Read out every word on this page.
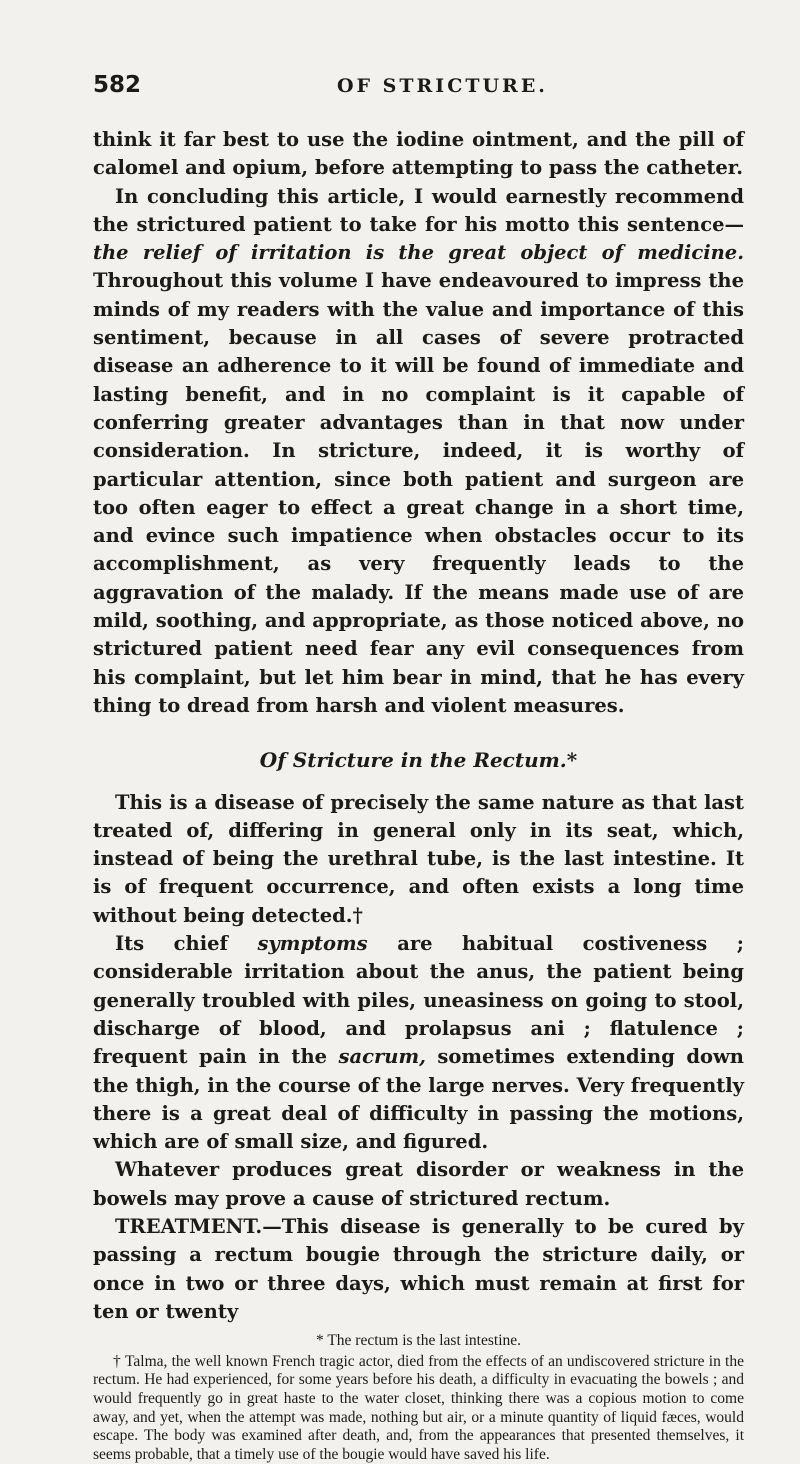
582	OF STRICTURE.

think it far best to use the iodine ointment, and the pill of calomel and opium, before attempting to pass the catheter.

In concluding this article, I would earnestly recommend the strictured patient to take for his motto this sentence—the relief of irritation is the great object of medicine. Throughout this volume I have endeavoured to impress the minds of my readers with the value and importance of this sentiment, because in all cases of severe protracted disease an adherence to it will be found of immediate and lasting benefit, and in no complaint is it capable of conferring greater advantages than in that now under consideration. In stricture, indeed, it is worthy of particular attention, since both patient and surgeon are too often eager to effect a great change in a short time, and evince such impatience when obstacles occur to its accomplishment, as very frequently leads to the aggravation of the malady. If the means made use of are mild, soothing, and appropriate, as those noticed above, no strictured patient need fear any evil consequences from his complaint, but let him bear in mind, that he has every thing to dread from harsh and violent measures.

Of Stricture in the Rectum.*

This is a disease of precisely the same nature as that last treated of, differing in general only in its seat, which, instead of being the urethral tube, is the last intestine. It is of frequent occurrence, and often exists a long time without being detected.†

Its chief symptoms are habitual costiveness ; considerable irritation about the anus, the patient being generally troubled with piles, uneasiness on going to stool, discharge of blood, and prolapsus ani ; flatulence ; frequent pain in the sacrum, sometimes extending down the thigh, in the course of the large nerves. Very frequently there is a great deal of difficulty in passing the motions, which are of small size, and figured.

Whatever produces great disorder or weakness in the bowels may prove a cause of strictured rectum.

TREATMENT.—This disease is generally to be cured by passing a rectum bougie through the stricture daily, or once in two or three days, which must remain at first for ten or twenty

* The rectum is the last intestine.

† Talma, the well known French tragic actor, died from the effects of an undiscovered stricture in the rectum. He had experienced, for some years before his death, a difficulty in evacuating the bowels ; and would frequently go in great haste to the water closet, thinking there was a copious motion to come away, and yet, when the attempt was made, nothing but air, or a minute quantity of liquid fæces, would escape. The body was examined after death, and, from the appearances that presented themselves, it seems probable, that a timely use of the bougie would have saved his life.
